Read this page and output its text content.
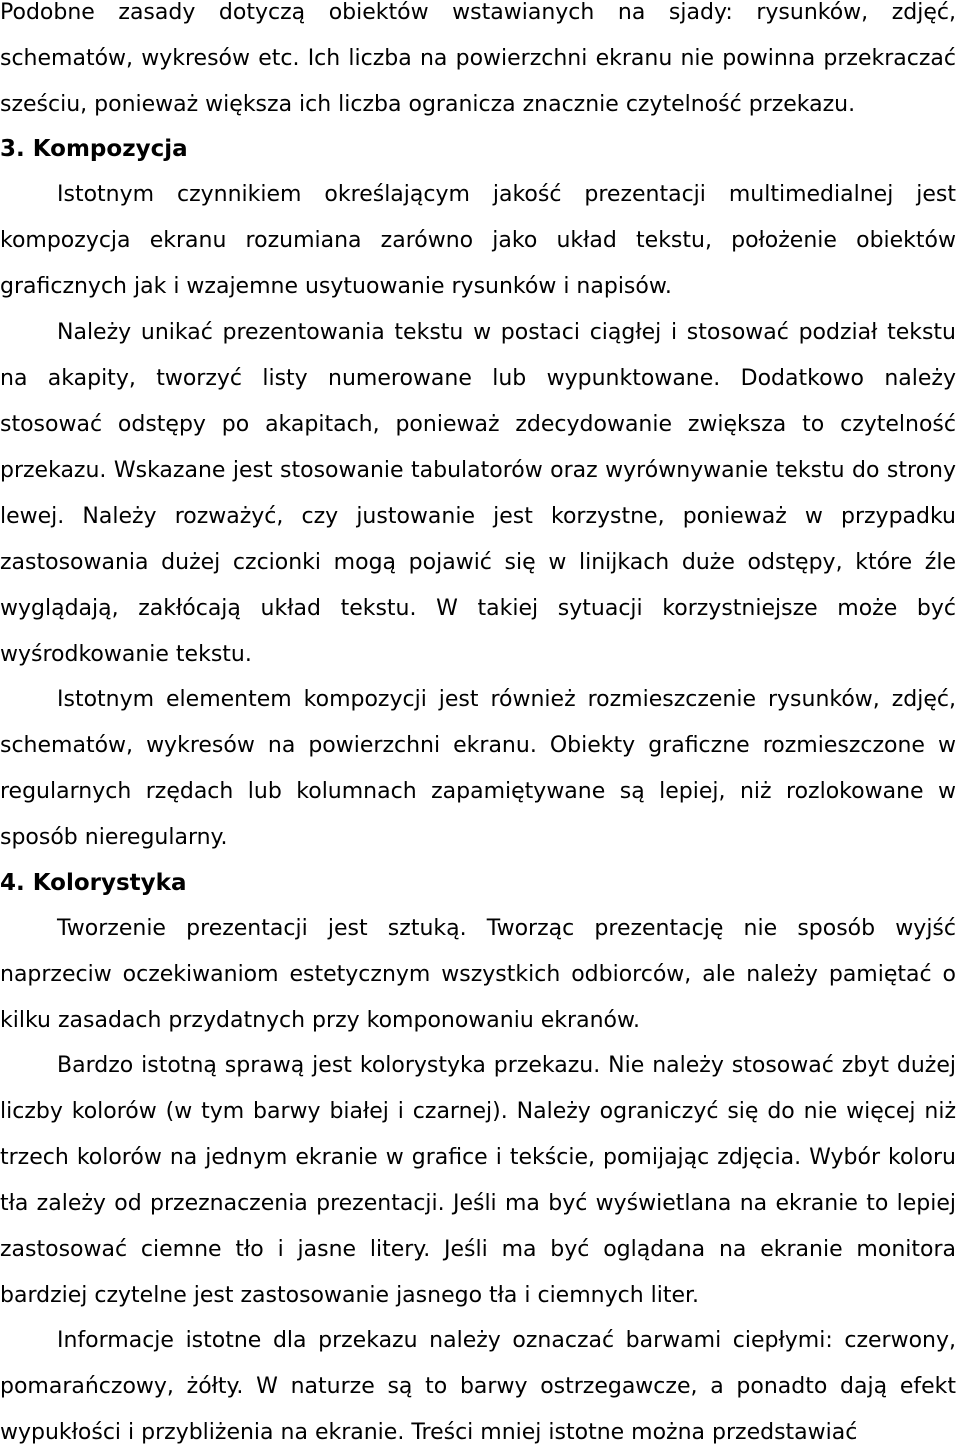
Podobne zasady dotyczą obiektów wstawianych na sjady: rysunków, zdjęć, schematów, wykresów etc. Ich liczba na powierzchni ekranu nie powinna przekraczać sześciu, ponieważ większa ich liczba ogranicza znacznie czytelność przekazu.

3. Kompozycja

Istotnym czynnikiem określającym jakość prezentacji multimedialnej jest kompozycja ekranu rozumiana zarówno jako układ tekstu, położenie obiektów graficznych jak i wzajemne usytuowanie rysunków i napisów.

Należy unikać prezentowania tekstu w postaci ciągłej i stosować podział tekstu na akapity, tworzyć listy numerowane lub wypunktowane. Dodatkowo należy stosować odstępy po akapitach, ponieważ zdecydowanie zwiększa to czytelność przekazu. Wskazane jest stosowanie tabulatorów oraz wyrównywanie tekstu do strony lewej. Należy rozważyć, czy justowanie jest korzystne, ponieważ w przypadku zastosowania dużej czcionki mogą pojawić się w linijkach duże odstępy, które źle wyglądają, zakłócają układ tekstu. W takiej sytuacji korzystniejsze może być wyśrodkowanie tekstu.

Istotnym elementem kompozycji jest również rozmieszczenie rysunków, zdjęć, schematów, wykresów na powierzchni ekranu. Obiekty graficzne rozmieszczone w regularnych rzędach lub kolumnach zapamiętywane są lepiej, niż rozlokowane w sposób nieregularny.

4. Kolorystyka

Tworzenie prezentacji jest sztuką. Tworząc prezentację nie sposób wyjść naprzeciw oczekiwaniom estetycznym wszystkich odbiorców, ale należy pamiętać o kilku zasadach przydatnych przy komponowaniu ekranów.

Bardzo istotną sprawą jest kolorystyka przekazu. Nie należy stosować zbyt dużej liczby kolorów (w tym barwy białej i czarnej). Należy ograniczyć się do nie więcej niż trzech kolorów na jednym ekranie w grafice i tekście, pomijając zdjęcia. Wybór koloru tła zależy od przeznaczenia prezentacji. Jeśli ma być wyświetlana na ekranie to lepiej zastosować ciemne tło i jasne litery. Jeśli ma być oglądana na ekranie monitora bardziej czytelne jest zastosowanie jasnego tła i ciemnych liter.

Informacje istotne dla przekazu należy oznaczać barwami ciepłymi: czerwony, pomarańczowy, żółty. W naturze są to barwy ostrzegawcze, a ponadto dają efekt wypukłości i przybliżenia na ekranie. Treści mniej istotne można przedstawiać
